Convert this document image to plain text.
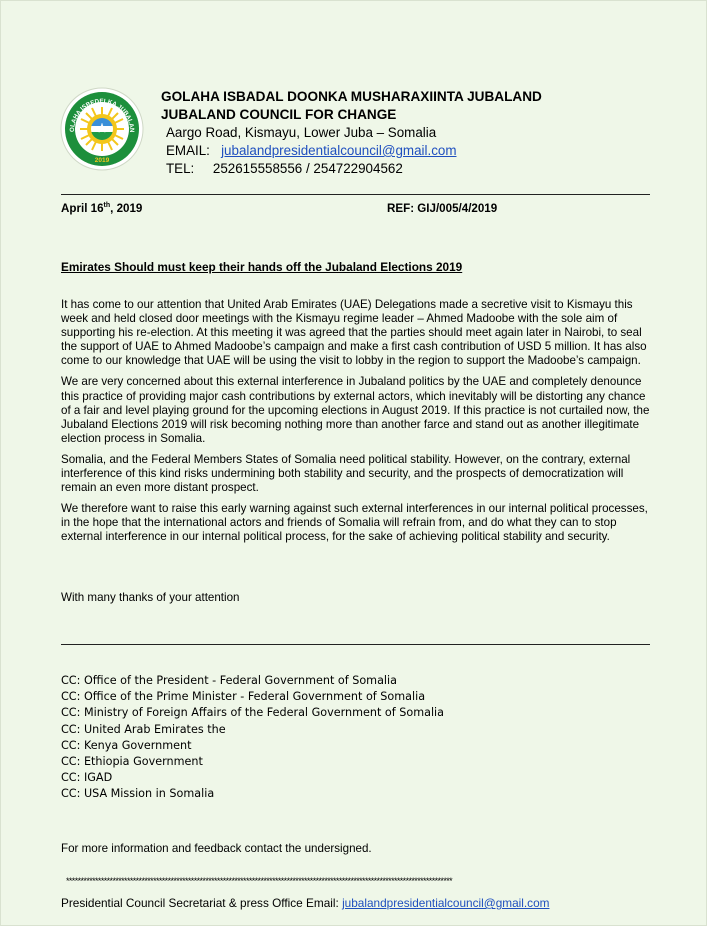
OLAHA ISBEDELKA JUBALAN
2019
GOLAHA ISBADAL DOONKA MUSHARAXIINTA JUBALAND
JUBALAND COUNCIL FOR CHANGE
Aargo Road, Kismayu, Lower Juba – Somalia
EMAIL: jubalandpresidentialcouncil@gmail.com
TEL: 252615558556 / 254722904562
April 16th, 2019	REF: GIJ/005/4/2019
Emirates Should must keep their hands off the Jubaland Elections 2019

It has come to our attention that United Arab Emirates (UAE) Delegations made a secretive visit to Kismayu this week and held closed door meetings with the Kismayu regime leader – Ahmed Madoobe with the sole aim of supporting his re-election. At this meeting it was agreed that the parties should meet again later in Nairobi, to seal the support of UAE to Ahmed Madoobe’s campaign and make a first cash contribution of USD 5 million. It has also come to our knowledge that UAE will be using the visit to lobby in the region to support the Madoobe’s campaign.

We are very concerned about this external interference in Jubaland politics by the UAE and completely denounce this practice of providing major cash contributions by external actors, which inevitably will be distorting any chance of a fair and level playing ground for the upcoming elections in August 2019. If this practice is not curtailed now, the Jubaland Elections 2019 will risk becoming nothing more than another farce and stand out as another illegitimate election process in Somalia.

Somalia, and the Federal Members States of Somalia need political stability. However, on the contrary, external interference of this kind risks undermining both stability and security, and the prospects of democratization will remain an even more distant prospect.

We therefore want to raise this early warning against such external interferences in our internal political processes, in the hope that the international actors and friends of Somalia will refrain from, and do what they can to stop external interference in our internal political process, for the sake of achieving political stability and security.

With many thanks of your attention
CC: Office of the President - Federal Government of Somalia
CC: Office of the Prime Minister - Federal Government of Somalia
CC: Ministry of Foreign Affairs of the Federal Government of Somalia
CC: United Arab Emirates the
CC: Kenya Government
CC: Ethiopia Government
CC: IGAD
CC: USA Mission in Somalia
For more information and feedback contact the undersigned.
*************************************************************************************************************************************
Presidential Council Secretariat & press Office Email: jubalandpresidentialcouncil@gmail.com
